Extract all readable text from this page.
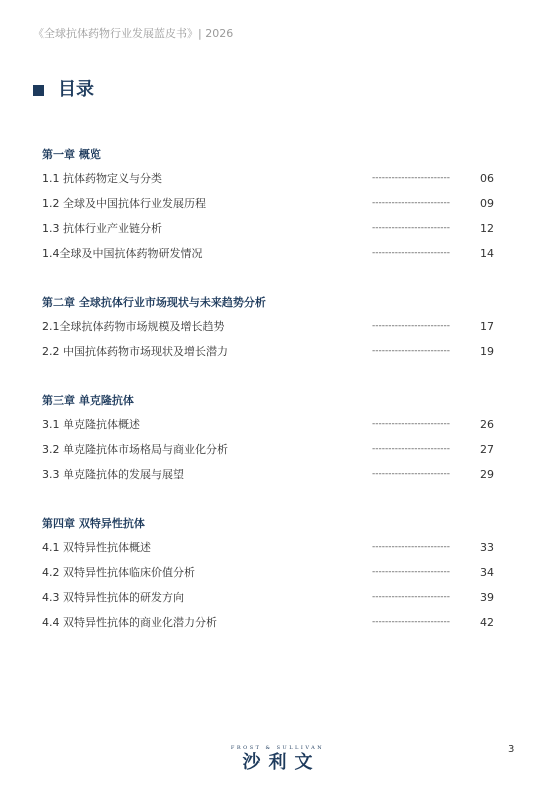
《全球抗体药物行业发展蓝皮书》| 2026
目录
第一章 概览
1.1 抗体药物定义与分类	------------------------	06
1.2 全球及中国抗体行业发展历程	------------------------	09
1.3 抗体行业产业链分析	------------------------	12
1.4全球及中国抗体药物研发情况	------------------------	14
第二章 全球抗体行业市场现状与未来趋势分析
2.1全球抗体药物市场规模及增长趋势	------------------------	17
2.2 中国抗体药物市场现状及增长潜力	------------------------	19
第三章 单克隆抗体
3.1 单克隆抗体概述	------------------------	26
3.2 单克隆抗体市场格局与商业化分析	------------------------	27
3.3 单克隆抗体的发展与展望	------------------------	29
第四章 双特异性抗体
4.1 双特异性抗体概述	------------------------	33
4.2 双特异性抗体临床价值分析	------------------------	34
4.3 双特异性抗体的研发方向	------------------------	39
4.4 双特异性抗体的商业化潜力分析	------------------------	42
FROST & SULLIVAN
沙利文
3
